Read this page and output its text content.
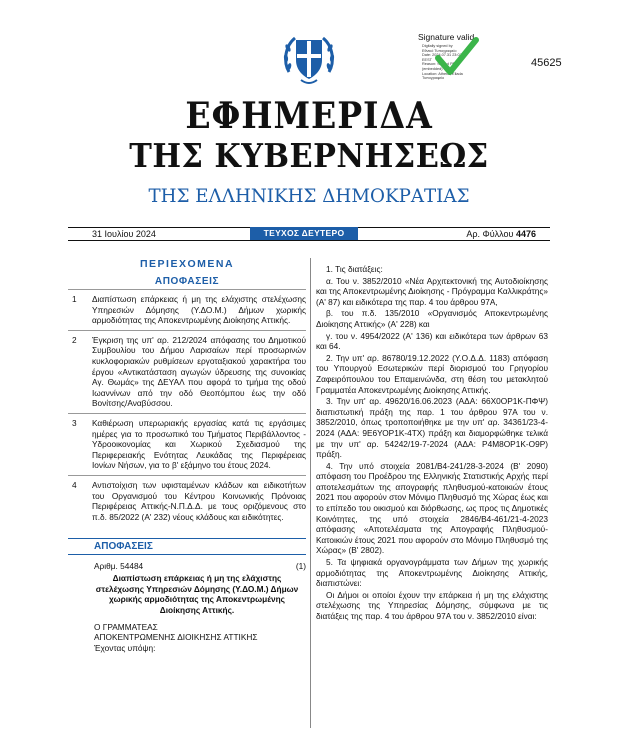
Signature valid
Digitally signed by
Εθνικό Τυπογραφείο
Date: 2024.07.31 23:07:26
EEST
Reason: Signed PDF
(embedded)
Location: Athens, Ellada
Τυπογραφείο
45625
ΕΦΗΜΕΡΙΔΑ
ΤΗΣ ΚΥΒΕΡΝΗΣΕΩΣ
ΤΗΣ ΕΛΛΗΝΙΚΗΣ ΔΗΜΟΚΡΑΤΙΑΣ
31 Ιουλίου 2024	ΤΕΥΧΟΣ ΔΕΥΤΕΡΟ	Αρ. Φύλλου 4476
ΠΕΡΙΕΧΟΜΕΝΑ
ΑΠΟΦΑΣΕΙΣ
1	Διαπίστωση επάρκειας ή μη της ελάχιστης στελέχωσης Υπηρεσιών Δόμησης (Υ.ΔΟ.Μ.) Δήμων χωρικής αρμοδιότητας της Αποκεντρωμένης Διοίκησης Αττικής.
2	Έγκριση της υπ' αρ. 212/2024 απόφασης του Δημοτικού Συμβουλίου του Δήμου Λαρισαίων περί προσωρινών κυκλοφοριακών ρυθμίσεων εργοταξιακού χαρακτήρα του έργου «Αντικατάσταση αγωγών ύδρευσης της συνοικίας Αγ. Θωμάς» της ΔΕΥΑΛ που αφορά το τμήμα της οδού Ιωαννίνων από την οδό Θεοπόμπου έως την οδό Βονίτσης/Αναβύσσου.
3	Καθιέρωση υπερωριακής εργασίας κατά τις εργάσιμες ημέρες για το προσωπικό του Τμήματος Περιβάλλοντος - Υδροοικονομίας και Χωρικού Σχεδιασμού της Περιφερειακής Ενότητας Λευκάδας της Περιφέρειας Ιονίων Νήσων, για το β' εξάμηνο του έτους 2024.
4	Αντιστοίχιση των υφισταμένων κλάδων και ειδικοτήτων του Οργανισμού του Κέντρου Κοινωνικής Πρόνοιας Περιφέρειας Αττικής-Ν.Π.Δ.Δ. με τους οριζόμενους στο π.δ. 85/2022 (Α' 232) νέους κλάδους και ειδικότητες.
ΑΠΟΦΑΣΕΙΣ
Αριθμ. 54484	(1)
Διαπίστωση επάρκειας ή μη της ελάχιστης στελέχωσης Υπηρεσιών Δόμησης (Υ.ΔΟ.Μ.) Δήμων χωρικής αρμοδιότητας της Αποκεντρωμένης Διοίκησης Αττικής.
Ο ΓΡΑΜΜΑΤΕΑΣ
ΑΠΟΚΕΝΤΡΩΜΕΝΗΣ ΔΙΟΙΚΗΣΗΣ ΑΤΤΙΚΗΣ
Έχοντας υπόψη:

1. Τις διατάξεις:

α. Του ν. 3852/2010 «Νέα Αρχιτεκτονική της Αυτοδιοίκησης και της Αποκεντρωμένης Διοίκησης - Πρόγραμμα Καλλικράτης» (Α' 87) και ειδικότερα της παρ. 4 του άρθρου 97Α,

β. του π.δ. 135/2010 «Οργανισμός Αποκεντρωμένης Διοίκησης Αττικής» (Α' 228) και

γ. του ν. 4954/2022 (Α' 136) και ειδικότερα των άρθρων 63 και 64.

2. Την υπ' αρ. 86780/19.12.2022 (Υ.Ο.Δ.Δ. 1183) απόφαση του Υπουργού Εσωτερικών περί διορισμού του Γρηγορίου Ζαφειρόπουλου του Επαμεινώνδα, στη θέση του μετακλητού Γραμματέα Αποκεντρωμένης Διοίκησης Αττικής.

3. Την υπ' αρ. 49620/16.06.2023 (ΑΔΑ: 66Χ0ΟΡ1Κ-ΠΦΨ) διαπιστωτική πράξη της παρ. 1 του άρθρου 97Α του ν. 3852/2010, όπως τροποποιήθηκε με την υπ' αρ. 34361/23-4-2024 (ΑΔΑ: 9Ε6ΥΟΡ1Κ-4ΤΧ) πράξη και διαμορφώθηκε τελικά με την υπ' αρ. 54242/19-7-2024 (ΑΔΑ: Ρ4Μ8ΟΡ1Κ-Ο9Ρ) πράξη.

4. Την υπό στοιχεία 2081/Β4-241/28-3-2024 (Β' 2090) απόφαση του Προέδρου της Ελληνικής Στατιστικής Αρχής περί αποτελεσμάτων της απογραφής πληθυσμού-κατοικιών έτους 2021 που αφορούν στον Μόνιμο Πληθυσμό της Χώρας έως και το επίπεδο του οικισμού και διόρθωσης, ως προς τις Δημοτικές Κοινότητες, της υπό στοιχεία 2846/Β4-461/21-4-2023 απόφασης «Αποτελέσματα της Απογραφής Πληθυσμού-Κατοικιών έτους 2021 που αφορούν στο Μόνιμο Πληθυσμό της Χώρας» (Β' 2802).

5. Τα ψηφιακά οργανογράμματα των Δήμων της χωρικής αρμοδιότητας της Αποκεντρωμένης Διοίκησης Αττικής, διαπιστώνει:

Οι Δήμοι οι οποίοι έχουν την επάρκεια ή μη της ελάχιστης στελέχωσης της Υπηρεσίας Δόμησης, σύμφωνα με τις διατάξεις της παρ. 4 του άρθρου 97Α του ν. 3852/2010 είναι:
